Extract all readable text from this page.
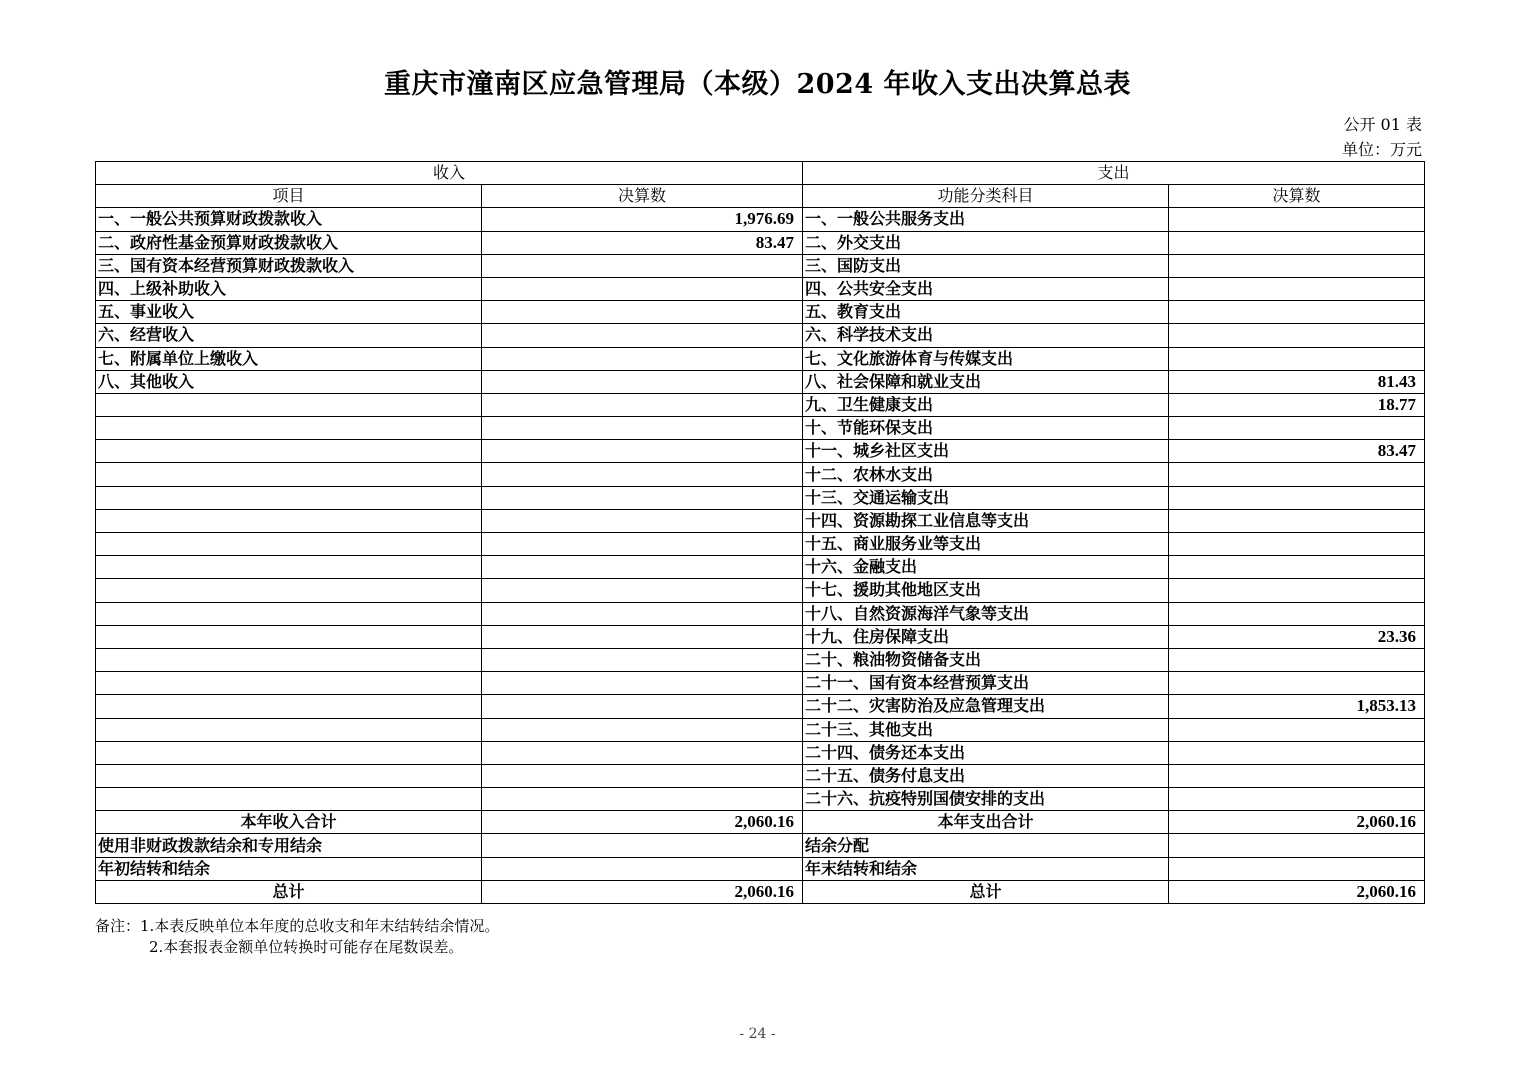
重庆市潼南区应急管理局（本级）2024 年收入支出决算总表
公开 01 表
单位：万元
收入		支出	
项目	决算数	功能分类科目	决算数
一、一般公共预算财政拨款收入	1,976.69	一、一般公共服务支出	
二、政府性基金预算财政拨款收入	83.47	二、外交支出	
三、国有资本经营预算财政拨款收入		三、国防支出	
四、上级补助收入		四、公共安全支出	
五、事业收入		五、教育支出	
六、经营收入		六、科学技术支出	
七、附属单位上缴收入		七、文化旅游体育与传媒支出	
八、其他收入		八、社会保障和就业支出	81.43
		九、卫生健康支出	18.77
		十、节能环保支出	
		十一、城乡社区支出	83.47
		十二、农林水支出	
		十三、交通运输支出	
		十四、资源勘探工业信息等支出	
		十五、商业服务业等支出	
		十六、金融支出	
		十七、援助其他地区支出	
		十八、自然资源海洋气象等支出	
		十九、住房保障支出	23.36
		二十、粮油物资储备支出	
		二十一、国有资本经营预算支出	
		二十二、灾害防治及应急管理支出	1,853.13
		二十三、其他支出	
		二十四、债务还本支出	
		二十五、债务付息支出	
		二十六、抗疫特别国债安排的支出	
本年收入合计	2,060.16	本年支出合计	2,060.16
使用非财政拨款结余和专用结余		结余分配	
年初结转和结余		年末结转和结余	
总计	2,060.16	总计	2,060.16
备注：1.本表反映单位本年度的总收支和年末结转结余情况。
2.本套报表金额单位转换时可能存在尾数误差。
- 24 -
